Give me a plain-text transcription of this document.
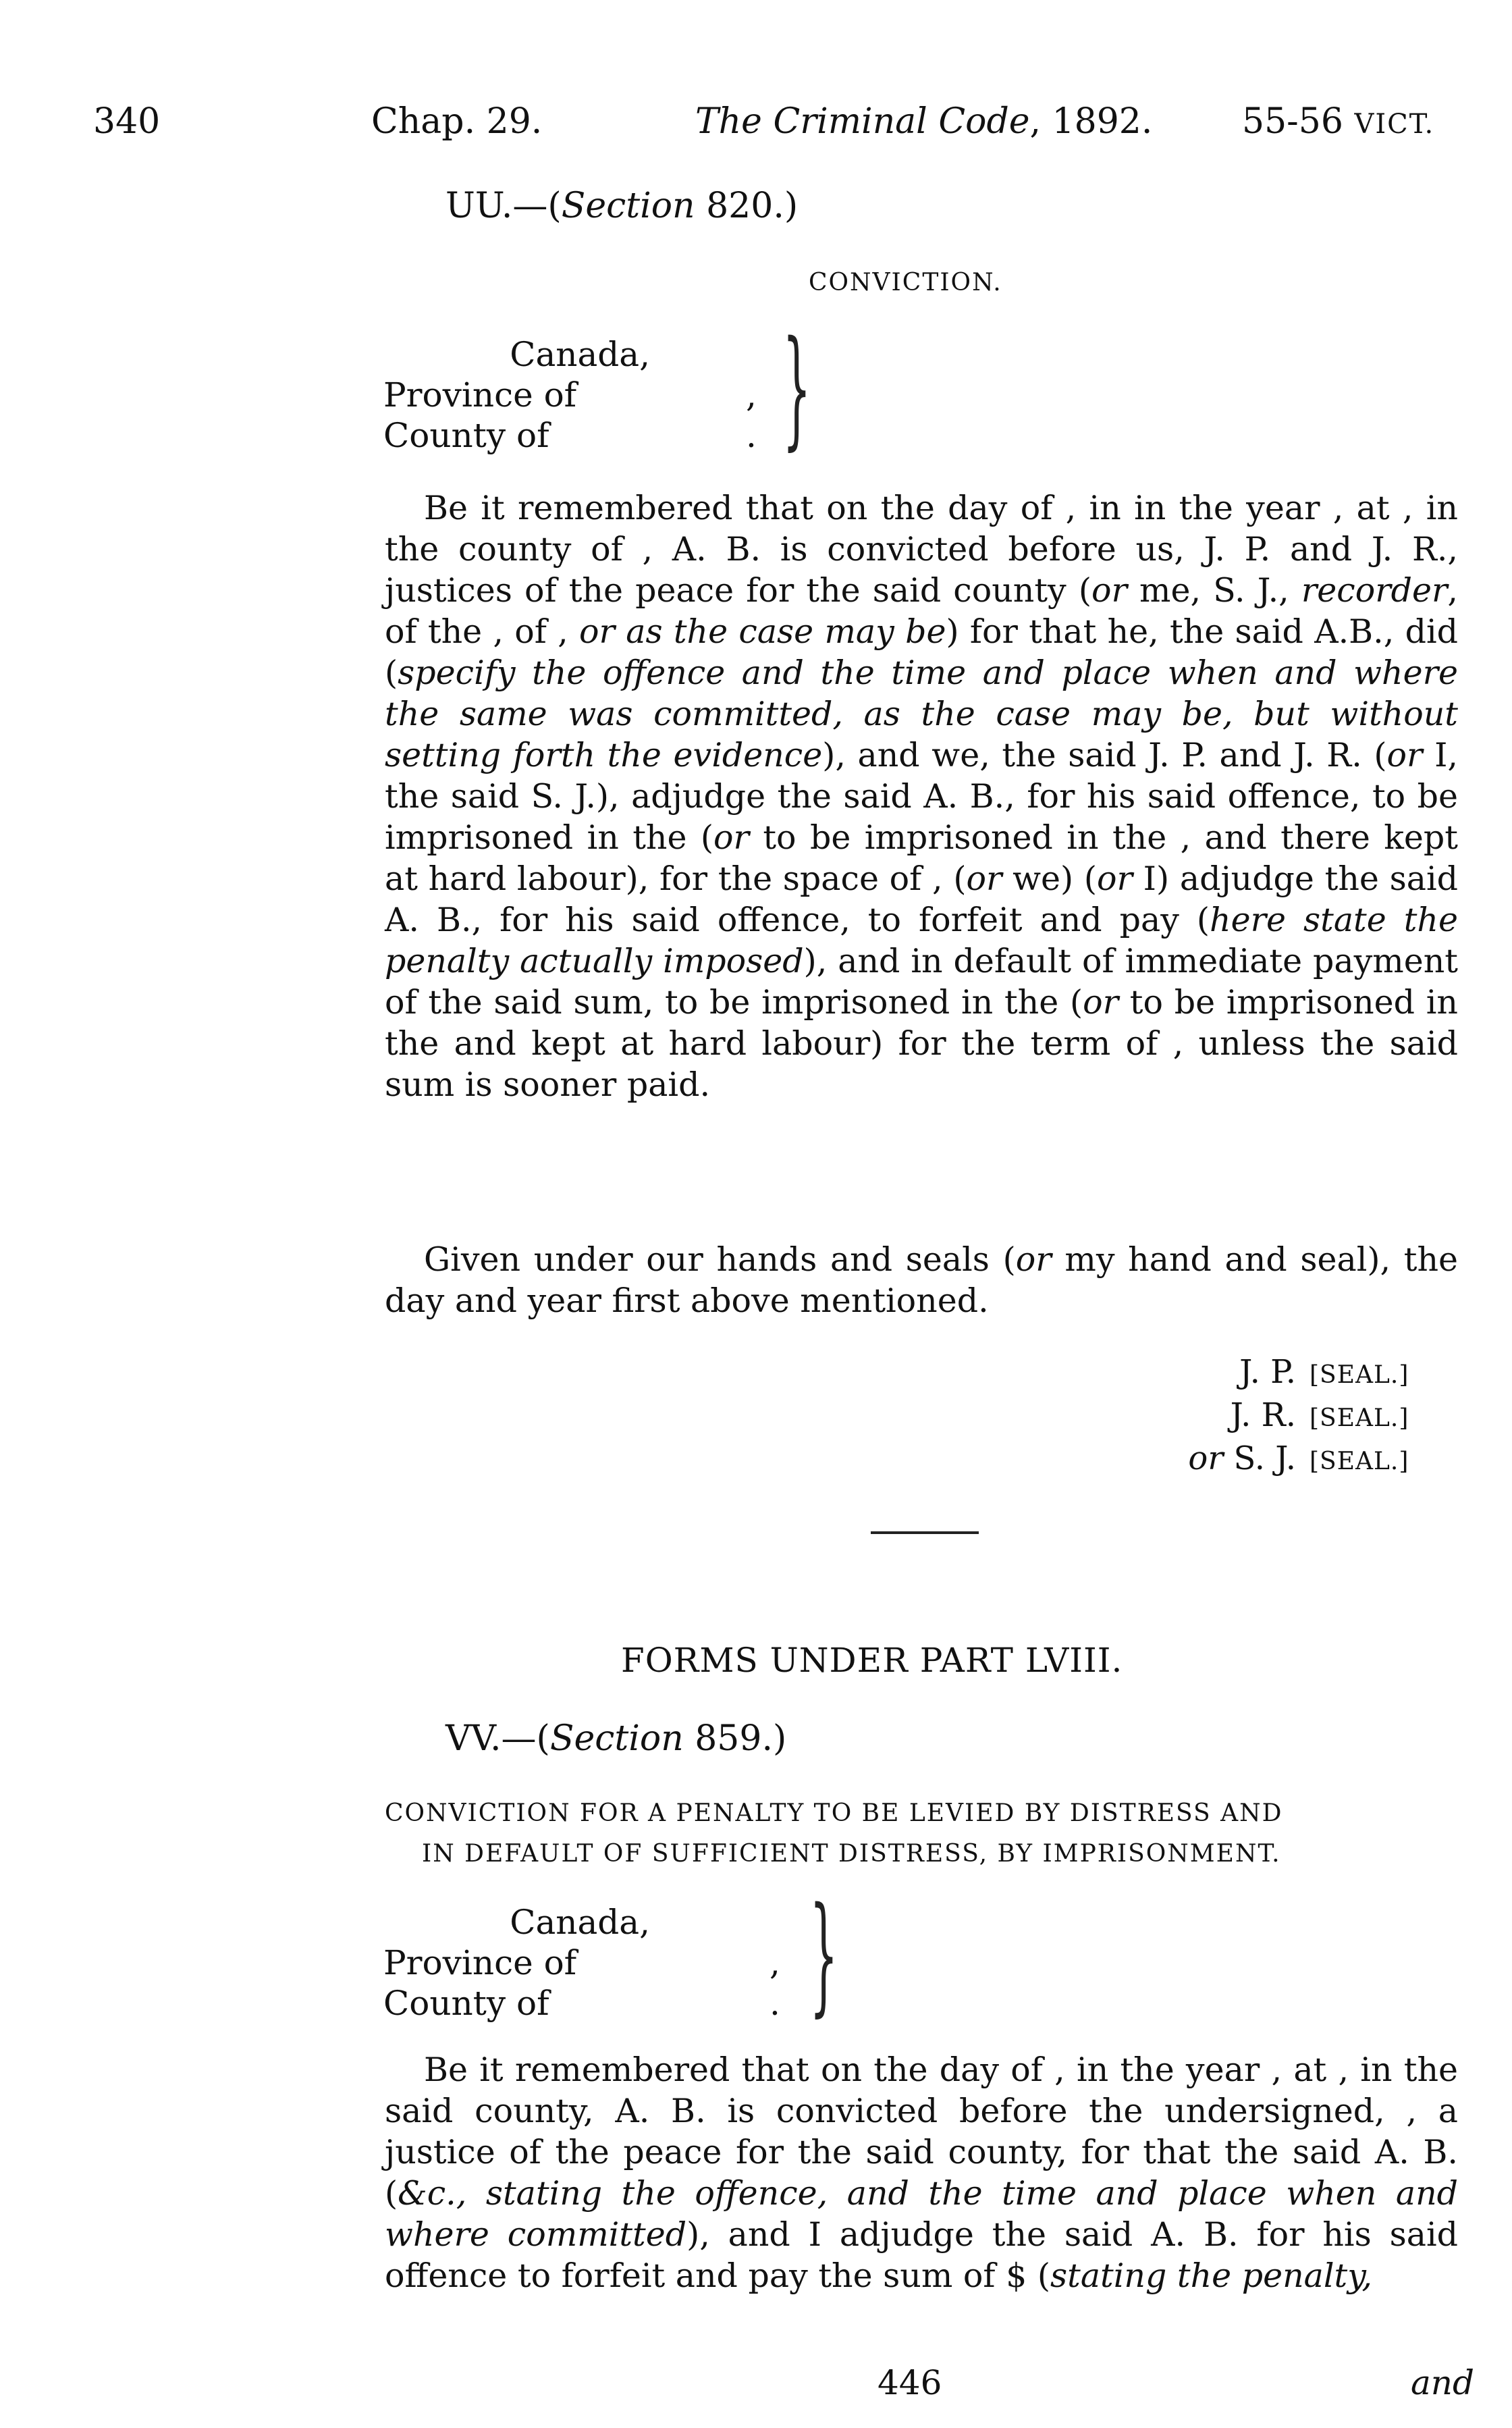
340	Chap. 29.	The Criminal Code, 1892.	55-56 VICT.
UU.—(Section 820.)
CONVICTION.
Canada,
Province of
County of
,
. }
Be it remembered that on the day of , in in the year , at , in the county of , A. B. is convicted before us, J. P. and J. R., justices of the peace for the said county (or me, S. J., recorder, of the , of , or as the case may be) for that he, the said A.B., did (specify the offence and the time and place when and where the same was committed, as the case may be, but without setting forth the evidence), and we, the said J. P. and J. R. (or I, the said S. J.), adjudge the said A. B., for his said offence, to be imprisoned in the (or to be imprisoned in the , and there kept at hard labour), for the space of , (or we) (or I) adjudge the said A. B., for his said offence, to forfeit and pay (here state the penalty actually imposed), and in default of immediate payment of the said sum, to be imprisoned in the (or to be imprisoned in the and kept at hard labour) for the term of , unless the said sum is sooner paid.
Given under our hands and seals (or my hand and seal), the day and year first above mentioned.
J. P. [SEAL.]
J. R. [SEAL.]
or S. J. [SEAL.]
FORMS UNDER PART LVIII.
VV.—(Section 859.)
CONVICTION FOR A PENALTY TO BE LEVIED BY DISTRESS AND
IN DEFAULT OF SUFFICIENT DISTRESS, BY IMPRISONMENT.
Canada,
Province of
County of
,
. }
Be it remembered that on the day of , in the year , at , in the said county, A. B. is convicted before the undersigned, , a justice of the peace for the said county, for that the said A. B. (&c., stating the offence, and the time and place when and where committed), and I adjudge the said A. B. for his said offence to forfeit and pay the sum of $ (stating the penalty,
446	and
